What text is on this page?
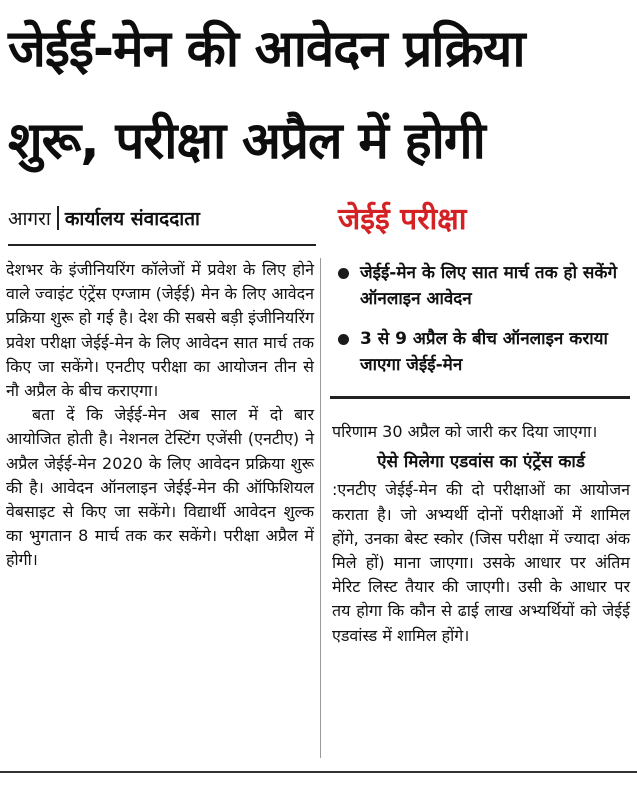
जेईई-मेन की आवेदन प्रक्रिया
शुरू, परीक्षा अप्रैल में होगी
आगरा कार्यालय संवाददाता

देशभर के इंजीनियरिंग कॉलेजों में प्रवेश के लिए होने वाले ज्वाइंट एंट्रेंस एग्जाम (जेईई) मेन के लिए आवेदन प्रक्रिया शुरू हो गई है। देश की सबसे बड़ी इंजीनियरिंग प्रवेश परीक्षा जेईई-मेन के लिए आवेदन सात मार्च तक किए जा सकेंगे। एनटीए परीक्षा का आयोजन तीन से नौ अप्रैल के बीच कराएगा।

बता दें कि जेईई-मेन अब साल में दो बार आयोजित होती है। नेशनल टेस्टिंग एजेंसी (एनटीए) ने अप्रैल जेईई-मेन 2020 के लिए आवेदन प्रक्रिया शुरू की है। आवेदन ऑनलाइन जेईई-मेन की ऑफिशियल वेबसाइट से किए जा सकेंगे। विद्यार्थी आवेदन शुल्क का भुगतान 8 मार्च तक कर सकेंगे। परीक्षा अप्रैल में होगी।

जेईई परीक्षा
जेईई-मेन के लिए सात मार्च तक हो सकेंगे ऑनलाइन आवेदन
3 से 9 अप्रैल के बीच ऑनलाइन कराया जाएगा जेईई-मेन

परिणाम 30 अप्रैल को जारी कर दिया जाएगा।

ऐसे मिलेगा एडवांस का एंट्रेंस कार्ड

:एनटीए जेईई-मेन की दो परीक्षाओं का आयोजन कराता है। जो अभ्यर्थी दोनों परीक्षाओं में शामिल होंगे, उनका बेस्ट स्कोर (जिस परीक्षा में ज्यादा अंक मिले हों) माना जाएगा। उसके आधार पर अंतिम मेरिट लिस्ट तैयार की जाएगी। उसी के आधार पर तय होगा कि कौन से ढाई लाख अभ्यर्थियों को जेईई एडवांस्ड में शामिल होंगे।
